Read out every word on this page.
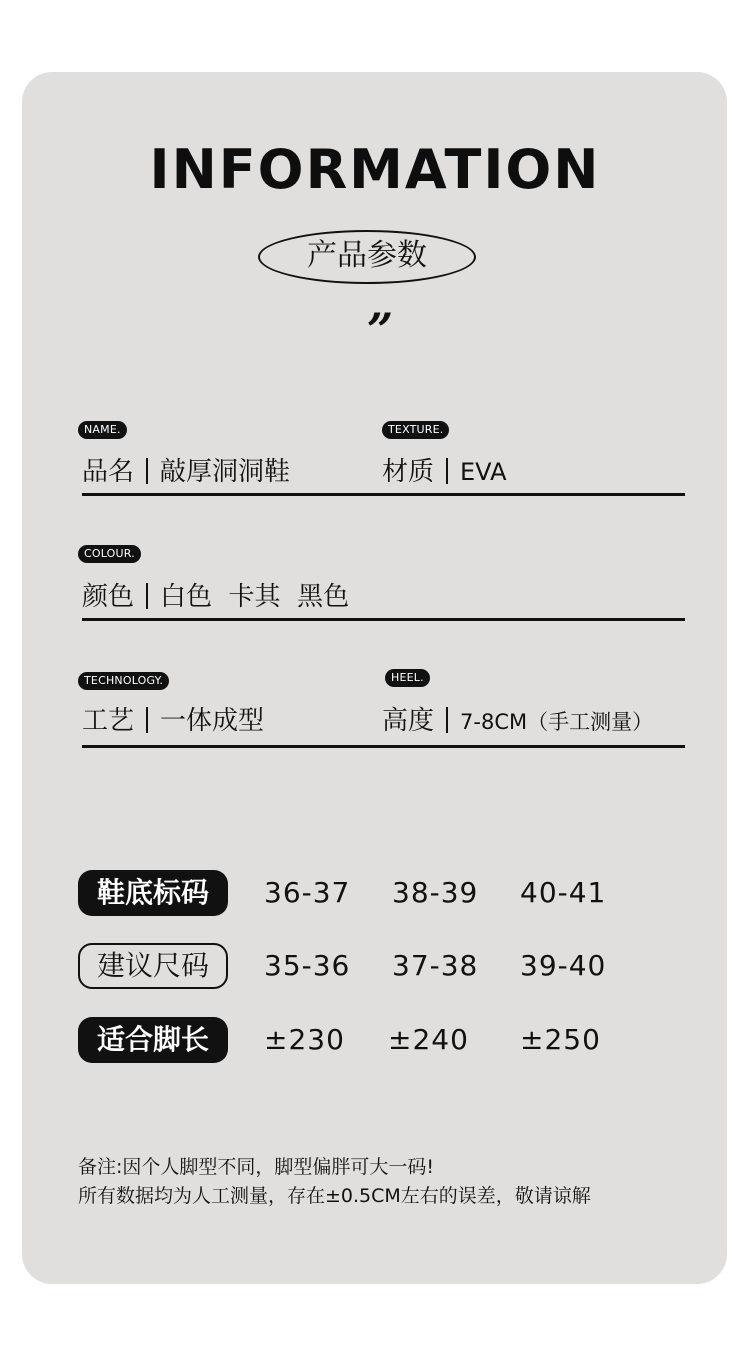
INFORMATION
产品参数
”
NAME.
品名 敲厚洞洞鞋
TEXTURE.
材质 EVA
COLOUR.
颜色 白色  卡其  黑色
TECHNOLOGY.
工艺 一体成型
HEEL.
高度 7-8CM（手工测量）
鞋底标码	36-37 38-39 40-41
建议尺码	35-36 37-38 39-40
适合脚长	±230 ±240 ±250
备注:因个人脚型不同，脚型偏胖可大一码!
所有数据均为人工测量，存在±0.5CM左右的误差，敬请谅解
